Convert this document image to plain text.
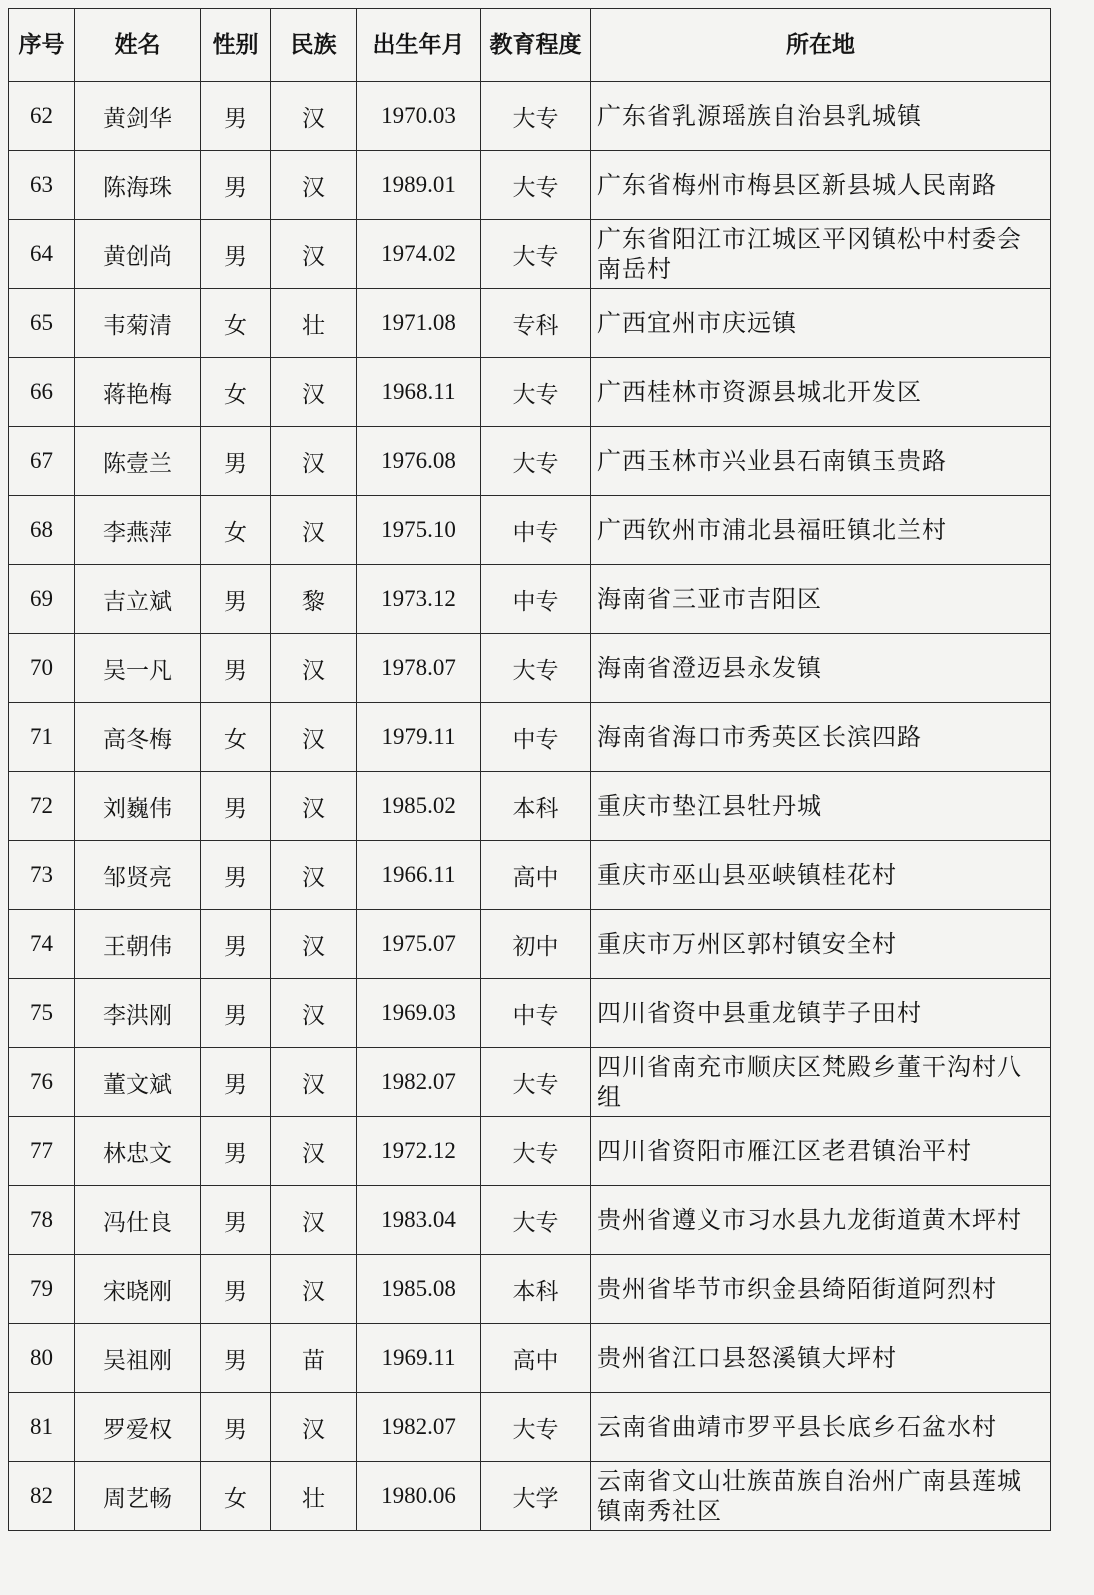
序号	姓名	性别	民族	出生年月	教育程度	所在地
62	黄剑华	男	汉	1970.03	大专	广东省乳源瑶族自治县乳城镇
63	陈海珠	男	汉	1989.01	大专	广东省梅州市梅县区新县城人民南路
64	黄创尚	男	汉	1974.02	大专	广东省阳江市江城区平冈镇松中村委会南岳村
65	韦菊清	女	壮	1971.08	专科	广西宜州市庆远镇
66	蒋艳梅	女	汉	1968.11	大专	广西桂林市资源县城北开发区
67	陈壹兰	男	汉	1976.08	大专	广西玉林市兴业县石南镇玉贵路
68	李燕萍	女	汉	1975.10	中专	广西钦州市浦北县福旺镇北兰村
69	吉立斌	男	黎	1973.12	中专	海南省三亚市吉阳区
70	吴一凡	男	汉	1978.07	大专	海南省澄迈县永发镇
71	高冬梅	女	汉	1979.11	中专	海南省海口市秀英区长滨四路
72	刘巍伟	男	汉	1985.02	本科	重庆市垫江县牡丹城
73	邹贤亮	男	汉	1966.11	高中	重庆市巫山县巫峡镇桂花村
74	王朝伟	男	汉	1975.07	初中	重庆市万州区郭村镇安全村
75	李洪刚	男	汉	1969.03	中专	四川省资中县重龙镇芋子田村
76	董文斌	男	汉	1982.07	大专	四川省南充市顺庆区梵殿乡董干沟村八组
77	林忠文	男	汉	1972.12	大专	四川省资阳市雁江区老君镇治平村
78	冯仕良	男	汉	1983.04	大专	贵州省遵义市习水县九龙街道黄木坪村
79	宋晓刚	男	汉	1985.08	本科	贵州省毕节市织金县绮陌街道阿烈村
80	吴祖刚	男	苗	1969.11	高中	贵州省江口县怒溪镇大坪村
81	罗爱权	男	汉	1982.07	大专	云南省曲靖市罗平县长底乡石盆水村
82	周艺畅	女	壮	1980.06	大学	云南省文山壮族苗族自治州广南县莲城镇南秀社区
